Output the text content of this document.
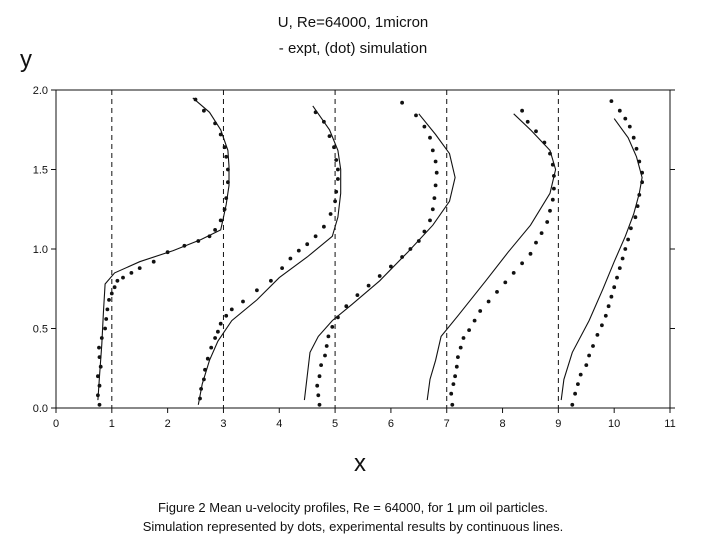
U, Re=64000, 1micron
- expt, (dot) simulation
y
x
0	1	2	3	4	5	6	7	8	9	10	11
0.0
0.5
1.0
1.5
2.0
Figure 2 Mean u-velocity profiles, Re = 64000, for 1 μm oil particles.
Simulation represented by dots, experimental results by continuous lines.
